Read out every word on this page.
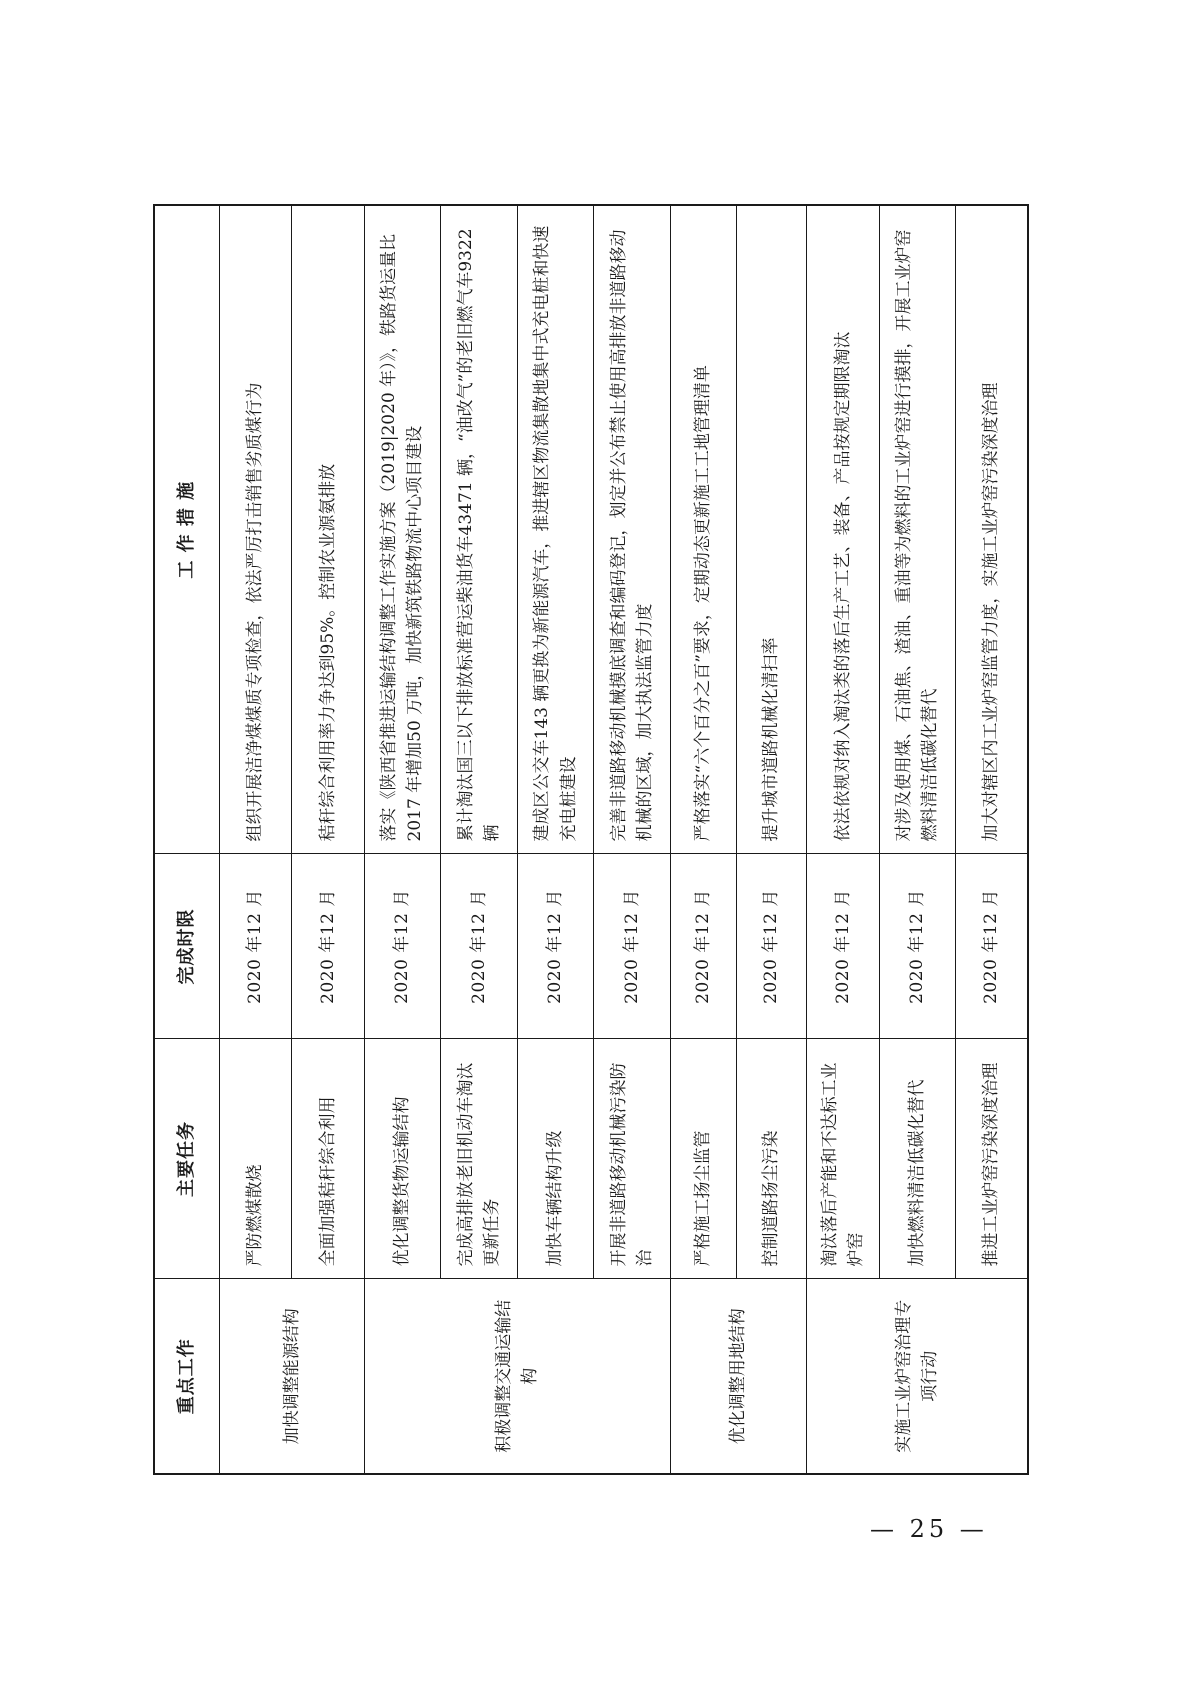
重点工作	主要任务	完成时限	工 作 措 施
加快调整能源结构	严防燃煤散烧	2020 年12 月	组织开展洁净煤煤质专项检查，依法严厉打击销售劣质煤行为
	全面加强秸秆综合利用	2020 年12 月	秸秆综合利用率力争达到95%。控制农业源氨排放
积极调整交通运输结构	优化调整货物运输结构	2020 年12 月	落实《陕西省推进运输结构调整工作实施方案（2019|2020 年）》，铁路货运量比2017 年增加50 万吨，加快新筑铁路物流中心项目建设
	完成高排放老旧机动车淘汰更新任务	2020 年12 月	累计淘汰国三以下排放标准营运柴油货车43471 辆，“油改气”的老旧燃气车9322 辆
	加快车辆结构升级	2020 年12 月	建成区公交车143 辆更换为新能源汽车，推进辖区物流集散地集中式充电桩和快速充电桩建设
	开展非道路移动机械污染防治	2020 年12 月	完善非道路移动机械摸底调查和编码登记，划定并公布禁止使用高排放非道路移动机械的区域，加大执法监管力度
优化调整用地结构	严格施工扬尘监管	2020 年12 月	严格落实“六个百分之百”要求，定期动态更新施工工地管理清单
	控制道路扬尘污染	2020 年12 月	提升城市道路机械化清扫率
实施工业炉窑治理专项行动	淘汰落后产能和不达标工业炉窑	2020 年12 月	依法依规对纳入淘汰类的落后生产工艺、装备、产品按规定期限淘汰
	加快燃料清洁低碳化替代	2020 年12 月	对涉及使用煤、石油焦、渣油、重油等为燃料的工业炉窑进行摸排，开展工业炉窑燃料清洁低碳化替代
	推进工业炉窑污染深度治理	2020 年12 月	加大对辖区内工业炉窑监管力度，实施工业炉窑污染深度治理
— 25 —
